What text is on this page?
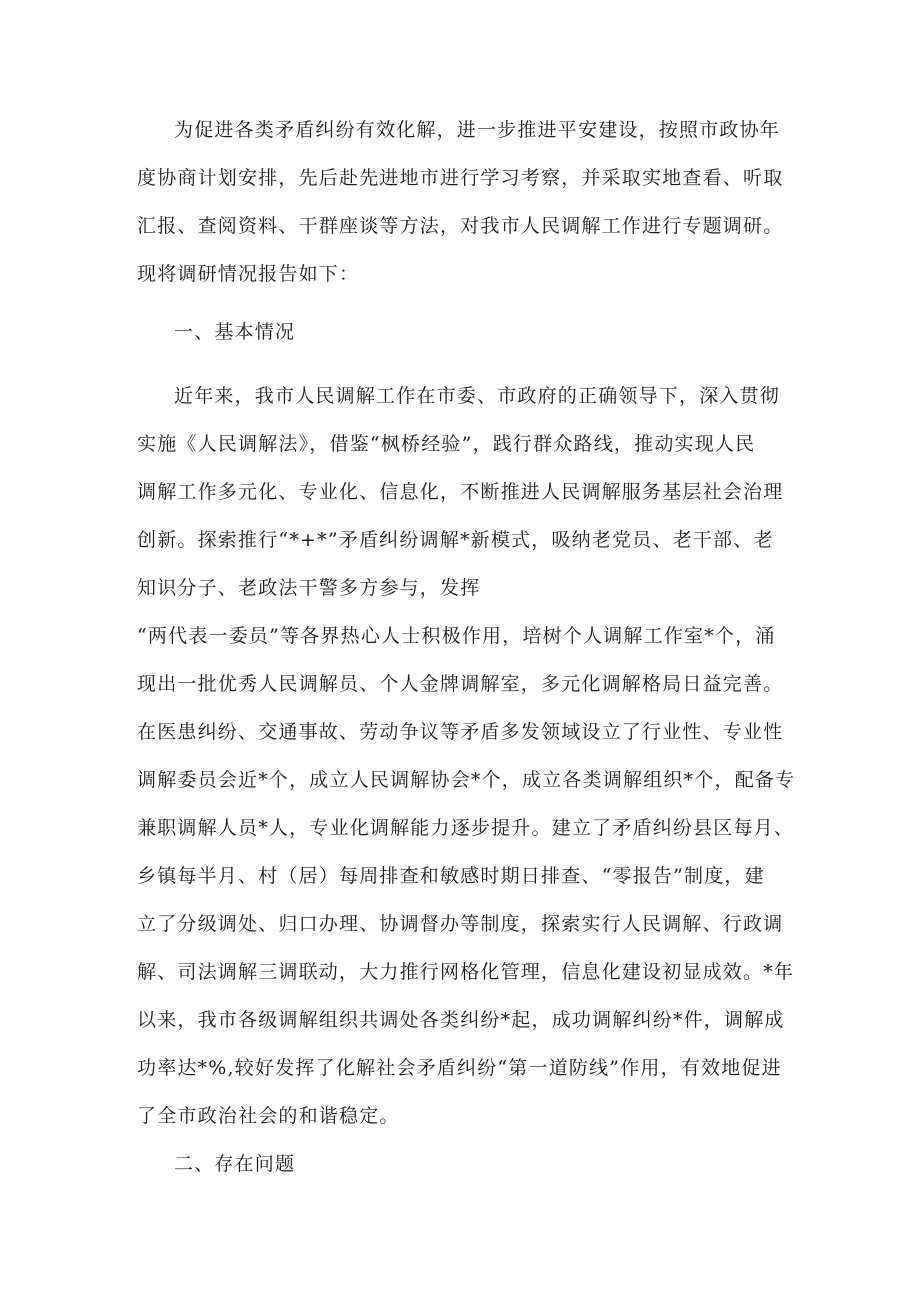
为促进各类矛盾纠纷有效化解，进一步推进平安建设，按照市政协年
度协商计划安排，先后赴先进地市进行学习考察，并采取实地查看、听取
汇报、查阅资料、干群座谈等方法，对我市人民调解工作进行专题调研。
现将调研情况报告如下：
一、基本情况
近年来，我市人民调解工作在市委、市政府的正确领导下，深入贯彻
实施《人民调解法》，借鉴“枫桥经验”，践行群众路线，推动实现人民
调解工作多元化、专业化、信息化，不断推进人民调解服务基层社会治理
创新。探索推行“*+*”矛盾纠纷调解*新模式，吸纳老党员、老干部、老
知识分子、老政法干警多方参与，发挥
“两代表一委员”等各界热心人士积极作用，培树个人调解工作室*个，涌
现出一批优秀人民调解员、个人金牌调解室，多元化调解格局日益完善。
在医患纠纷、交通事故、劳动争议等矛盾多发领域设立了行业性、专业性
调解委员会近*个，成立人民调解协会*个，成立各类调解组织*个，配备专
兼职调解人员*人，专业化调解能力逐步提升。建立了矛盾纠纷县区每月、
乡镇每半月、村（居）每周排查和敏感时期日排查、“零报告”制度，建
立了分级调处、归口办理、协调督办等制度，探索实行人民调解、行政调
解、司法调解三调联动，大力推行网格化管理，信息化建设初显成效。*年
以来，我市各级调解组织共调处各类纠纷*起，成功调解纠纷*件，调解成
功率达*%,较好发挥了化解社会矛盾纠纷“第一道防线”作用，有效地促进
了全市政治社会的和谐稳定。
二、存在问题
